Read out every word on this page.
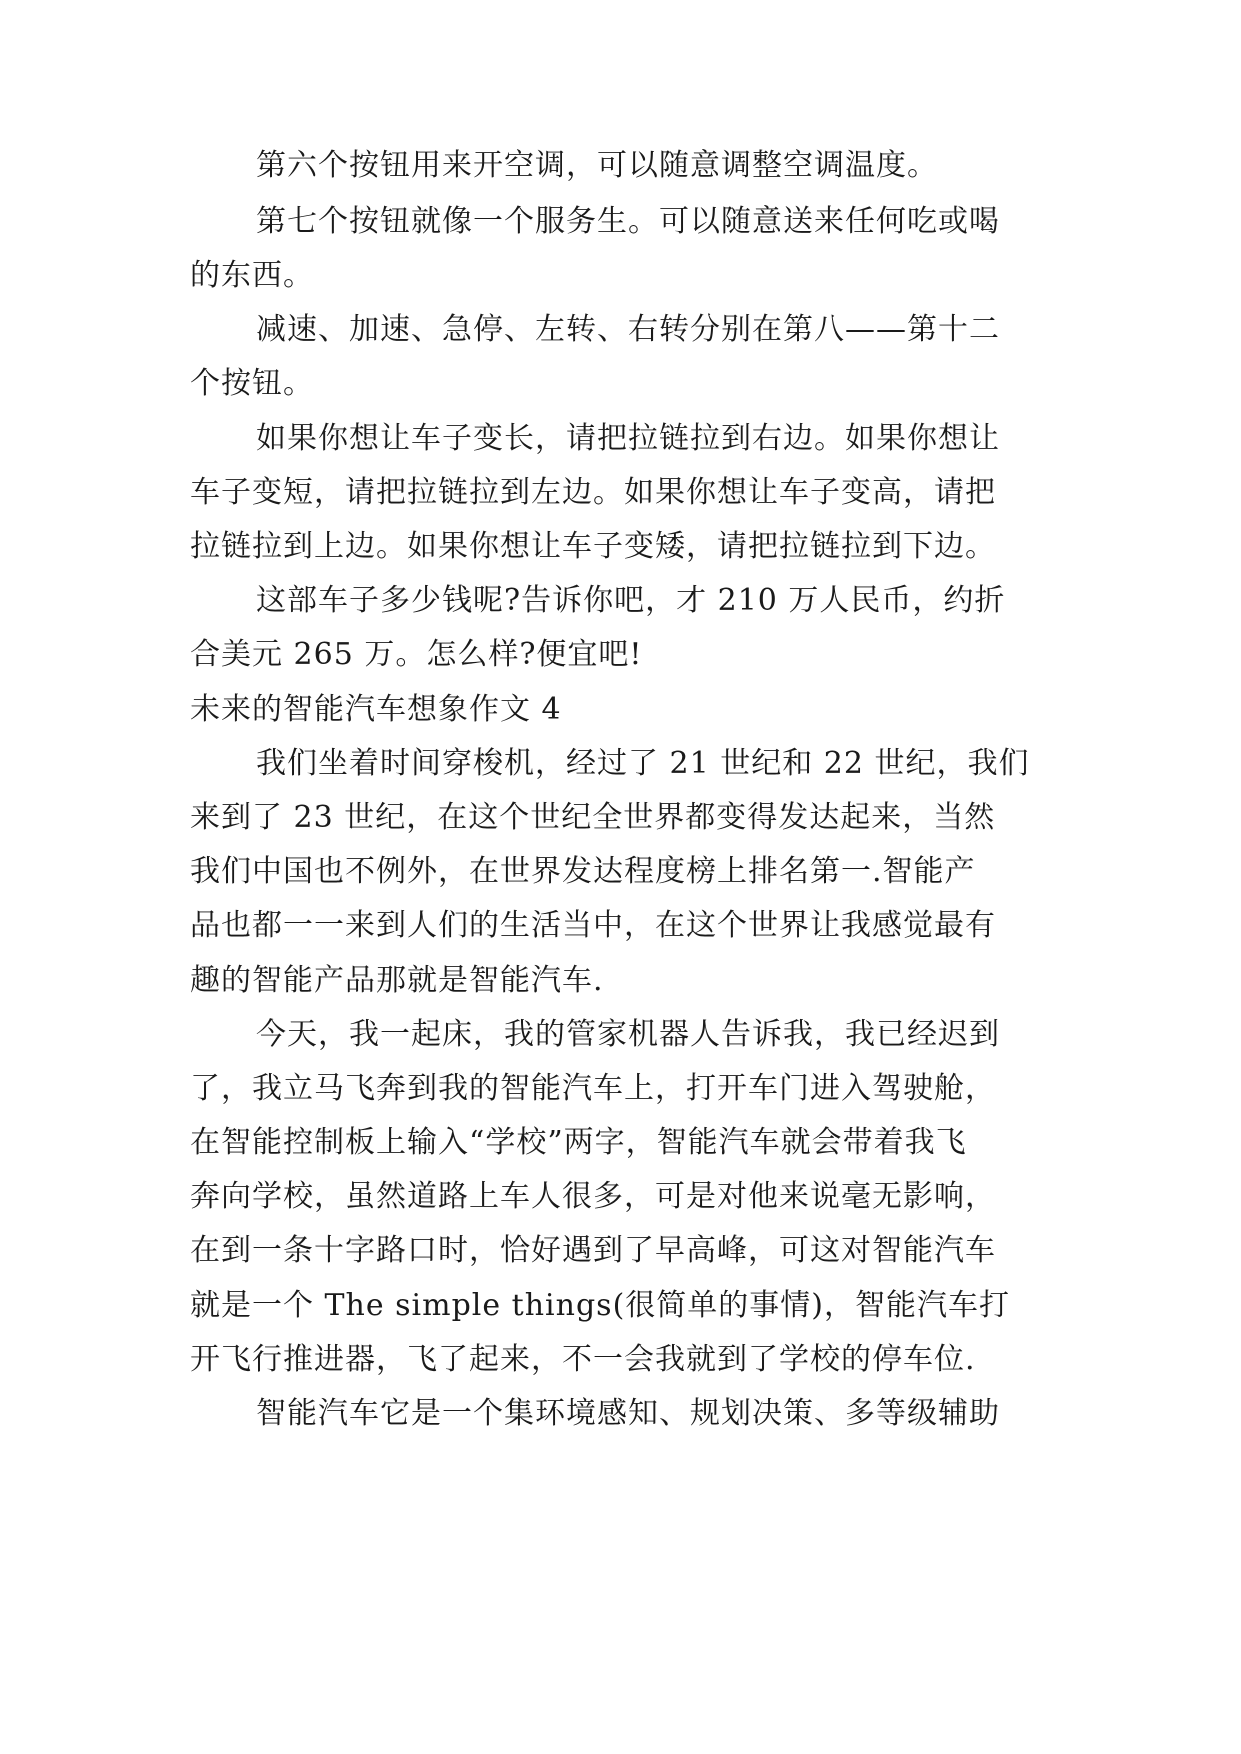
第六个按钮用来开空调，可以随意调整空调温度。
第七个按钮就像一个服务生。可以随意送来任何吃或喝
的东西。
减速、加速、急停、左转、右转分别在第八——第十二
个按钮。
如果你想让车子变长，请把拉链拉到右边。如果你想让
车子变短，请把拉链拉到左边。如果你想让车子变高，请把
拉链拉到上边。如果你想让车子变矮，请把拉链拉到下边。
这部车子多少钱呢?告诉你吧，才 210 万人民币，约折
合美元 265 万。怎么样?便宜吧!
未来的智能汽车想象作文 4
我们坐着时间穿梭机，经过了 21 世纪和 22 世纪，我们
来到了 23 世纪，在这个世纪全世界都变得发达起来，当然
我们中国也不例外，在世界发达程度榜上排名第一.智能产
品也都一一来到人们的生活当中，在这个世界让我感觉最有
趣的智能产品那就是智能汽车.
今天，我一起床，我的管家机器人告诉我，我已经迟到
了，我立马飞奔到我的智能汽车上，打开车门进入驾驶舱，
在智能控制板上输入“学校”两字，智能汽车就会带着我飞
奔向学校，虽然道路上车人很多，可是对他来说毫无影响，
在到一条十字路口时，恰好遇到了早高峰，可这对智能汽车
就是一个 The simple things(很简单的事情)，智能汽车打
开飞行推进器，飞了起来，不一会我就到了学校的停车位.
智能汽车它是一个集环境感知、规划决策、多等级辅助
